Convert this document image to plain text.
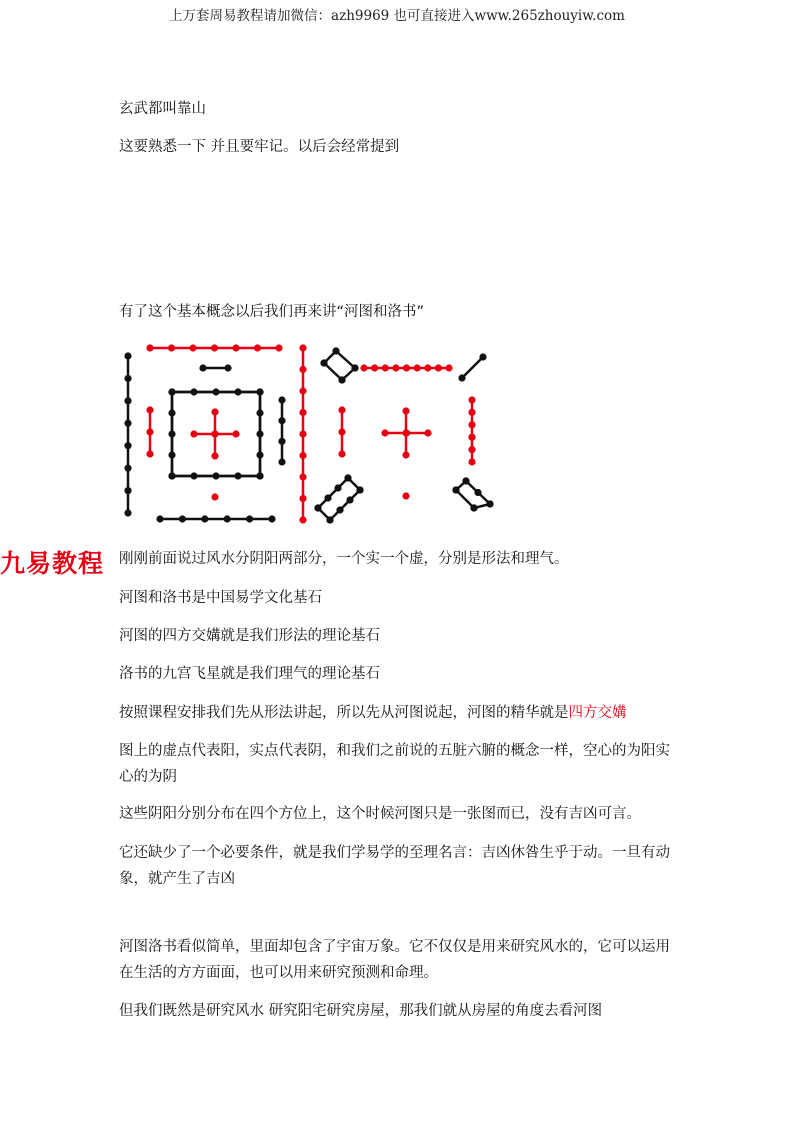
上万套周易教程请加微信：azh9969 也可直接进入www.265zhouyiw.com

玄武都叫靠山

这要熟悉一下 并且要牢记。以后会经常提到

有了这个基本概念以后我们再来讲“河图和洛书”

九易教程 刚刚前面说过风水分阴阳两部分，一个实一个虚，分别是形法和理气。

河图和洛书是中国易学文化基石

河图的四方交媾就是我们形法的理论基石

洛书的九宫飞星就是我们理气的理论基石

按照课程安排我们先从形法讲起，所以先从河图说起，河图的精华就是四方交媾

图上的虚点代表阳，实点代表阴，和我们之前说的五脏六腑的概念一样，空心的为阳实心的为阴

这些阴阳分别分布在四个方位上，这个时候河图只是一张图而已，没有吉凶可言。

它还缺少了一个必要条件，就是我们学易学的至理名言：吉凶休咎生乎于动。一旦有动象，就产生了吉凶

河图洛书看似简单，里面却包含了宇宙万象。它不仅仅是用来研究风水的，它可以运用在生活的方方面面，也可以用来研究预测和命理。

但我们既然是研究风水 研究阳宅研究房屋，那我们就从房屋的角度去看河图
